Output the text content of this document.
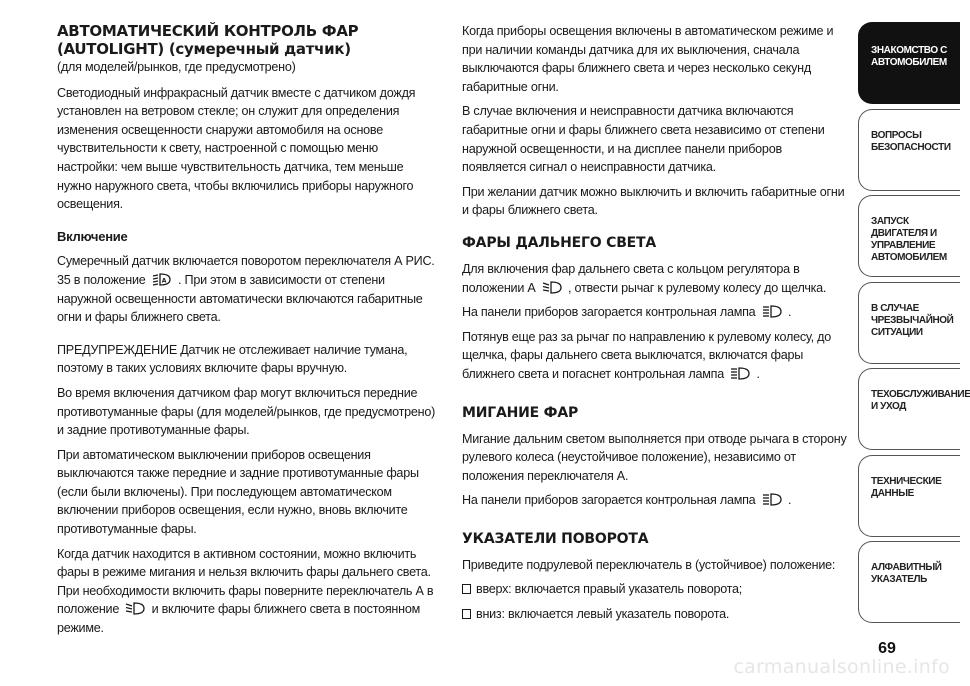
АВТОМАТИЧЕСКИЙ КОНТРОЛЬ ФАР
(AUTOLIGHT) (сумеречный датчик)

(для моделей/рынков, где предусмотрено)

Светодиодный инфракрасный датчик вместе с датчиком дождя установлен на ветровом стекле; он служит для определения изменения освещенности снаружи автомобиля на основе чувствительности к свету, настроенной с помощью меню настройки: чем выше чувствительность датчика, тем меньше нужно наружного света, чтобы включились приборы наружного освещения.

Включение

Сумеречный датчик включается поворотом переключателя А РИС. 35 в положение	A . При этом в зависимости от степени наружной освещенности автоматически включаются габаритные огни и фары ближнего света.

ПРЕДУПРЕЖДЕНИЕ Датчик не отслеживает наличие тумана, поэтому в таких условиях включите фары вручную.

Во время включения датчиком фар могут включиться передние противотуманные фары (для моделей/рынков, где предусмотрено) и задние противотуманные фары.

При автоматическом выключении приборов освещения выключаются также передние и задние противотуманные фары (если были включены). При последующем автоматическом включении приборов освещения, если нужно, вновь включите противотуманные фары.

Когда датчик находится в активном состоянии, можно включить фары в режиме мигания и нельзя включить фары дальнего света. При необходимости включить фары поверните переключатель А в положение	и включите фары ближнего света в постоянном режиме.

Когда приборы освещения включены в автоматическом режиме и при наличии команды датчика для их выключения, сначала выключаются фары ближнего света и через несколько секунд габаритные огни.

В случае включения и неисправности датчика включаются габаритные огни и фары ближнего света независимо от степени наружной освещенности, и на дисплее панели приборов появляется сигнал о неисправности датчика.

При желании датчик можно выключить и включить габаритные огни и фары ближнего света.

ФАРЫ ДАЛЬНЕГО СВЕТА

Для включения фар дальнего света с кольцом регулятора в положении А	, отвести рычаг к рулевому колесу до щелчка.

На панели приборов загорается контрольная лампа	.

Потянув еще раз за рычаг по направлению к рулевому колесу, до щелчка, фары дальнего света выключатся, включатся фары ближнего света и погаснет контрольная лампа	.

МИГАНИЕ ФАР

Мигание дальним светом выполняется при отводе рычага в сторону рулевого колеса (неустойчивое положение), независимо от положения переключателя А.

На панели приборов загорается контрольная лампа	.

УКАЗАТЕЛИ ПОВОРОТА

Приведите подрулевой переключатель в (устойчивое) положение:

вверх: включается правый указатель поворота;

вниз: включается левый указатель поворота.

ЗНАКОМСТВО С
АВТОМОБИЛЕМ
ВОПРОСЫ
БЕЗОПАСНОСТИ
ЗАПУСК ДВИГАТЕЛЯ И
УПРАВЛЕНИЕ
АВТОМОБИЛЕМ
В СЛУЧАЕ
ЧРЕЗВЫЧАЙНОЙ
СИТУАЦИИ
ТЕХОБСЛУЖИВАНИЕ
И УХОД
ТЕХНИЧЕСКИЕ
ДАННЫЕ
АЛФАВИТНЫЙ
УКАЗАТЕЛЬ
69
carmanualsonline.info
